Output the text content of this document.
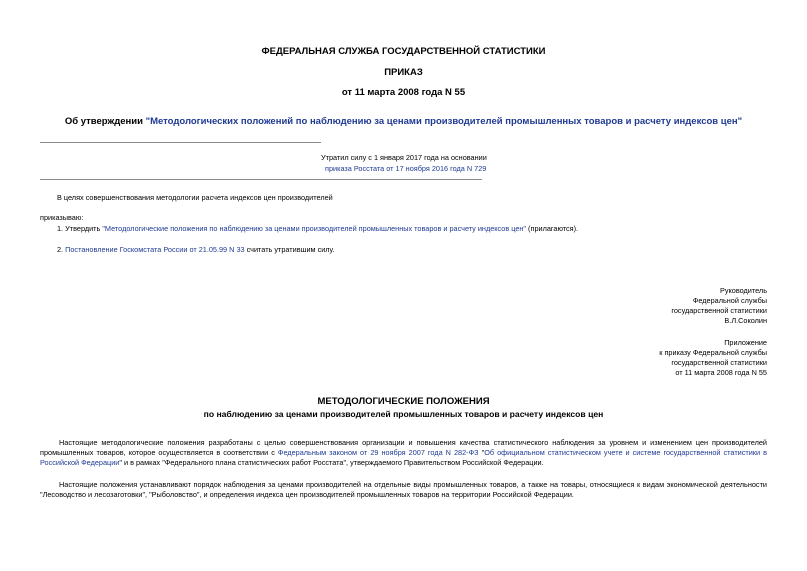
ФЕДЕРАЛЬНАЯ СЛУЖБА ГОСУДАРСТВЕННОЙ СТАТИСТИКИ
ПРИКАЗ
от 11 марта 2008 года N 55
Об утверждении "Методологических положений по наблюдению за ценами производителей промышленных товаров и расчету индексов цен"
Утратил силу с 1 января 2017 года на основании
приказа Росстата от 17 ноября 2016 года N 729
В целях совершенствования методологии расчета индексов цен производителей
приказываю:
1. Утвердить "Методологические положения по наблюдению за ценами производителей промышленных товаров и расчету индексов цен" (прилагаются).
2. Постановление Госкомстата России от 21.05.99 N 33 считать утратившим силу.
Руководитель
Федеральной службы
государственной статистики
В.Л.Соколин
Приложение
к приказу Федеральной службы
государственной статистики
от 11 марта 2008 года N 55
МЕТОДОЛОГИЧЕСКИЕ ПОЛОЖЕНИЯ
по наблюдению за ценами производителей промышленных товаров и расчету индексов цен
Настоящие методологические положения разработаны с целью совершенствования организации и повышения качества статистического наблюдения за уровнем и изменением цен производителей промышленных товаров, которое осуществляется в соответствии с Федеральным законом от 29 ноября 2007 года N 282-ФЗ "Об официальном статистическом учете и системе государственной статистики в Российской Федерации" и в рамках "Федерального плана статистических работ Росстата", утверждаемого Правительством Российской Федерации.
Настоящие положения устанавливают порядок наблюдения за ценами производителей на отдельные виды промышленных товаров, а также на товары, относящиеся к видам экономической деятельности "Лесоводство и лесозаготовки", "Рыболовство", и определения индекса цен производителей промышленных товаров на территории Российской Федерации.
